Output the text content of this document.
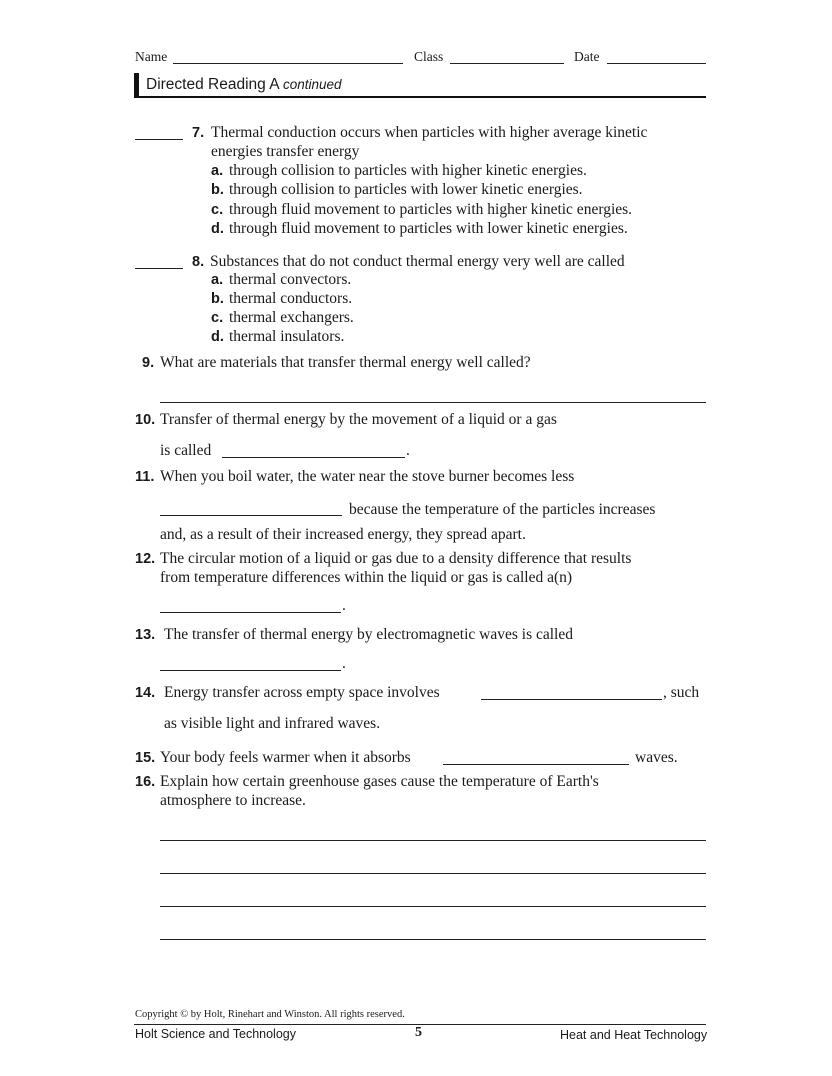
Name	Class	Date
Directed Reading A continued
7. Thermal conduction occurs when particles with higher average kinetic
energies transfer energy
a. through collision to particles with higher kinetic energies.
b. through collision to particles with lower kinetic energies.
c. through fluid movement to particles with higher kinetic energies.
d. through fluid movement to particles with lower kinetic energies.
8. Substances that do not conduct thermal energy very well are called
a. thermal convectors.
b. thermal conductors.
c. thermal exchangers.
d. thermal insulators.
9. What are materials that transfer thermal energy well called?
10. Transfer of thermal energy by the movement of a liquid or a gas
is called	.
11. When you boil water, the water near the stove burner becomes less
because the temperature of the particles increases
and, as a result of their increased energy, they spread apart.
12. The circular motion of a liquid or gas due to a density difference that results
from temperature differences within the liquid or gas is called a(n)
.
13. The transfer of thermal energy by electromagnetic waves is called
.
14. Energy transfer across empty space involves	, such
as visible light and infrared waves.
15. Your body feels warmer when it absorbs	waves.
16. Explain how certain greenhouse gases cause the temperature of Earth's
atmosphere to increase.
Copyright © by Holt, Rinehart and Winston. All rights reserved.
Holt Science and Technology	5	Heat and Heat Technology
